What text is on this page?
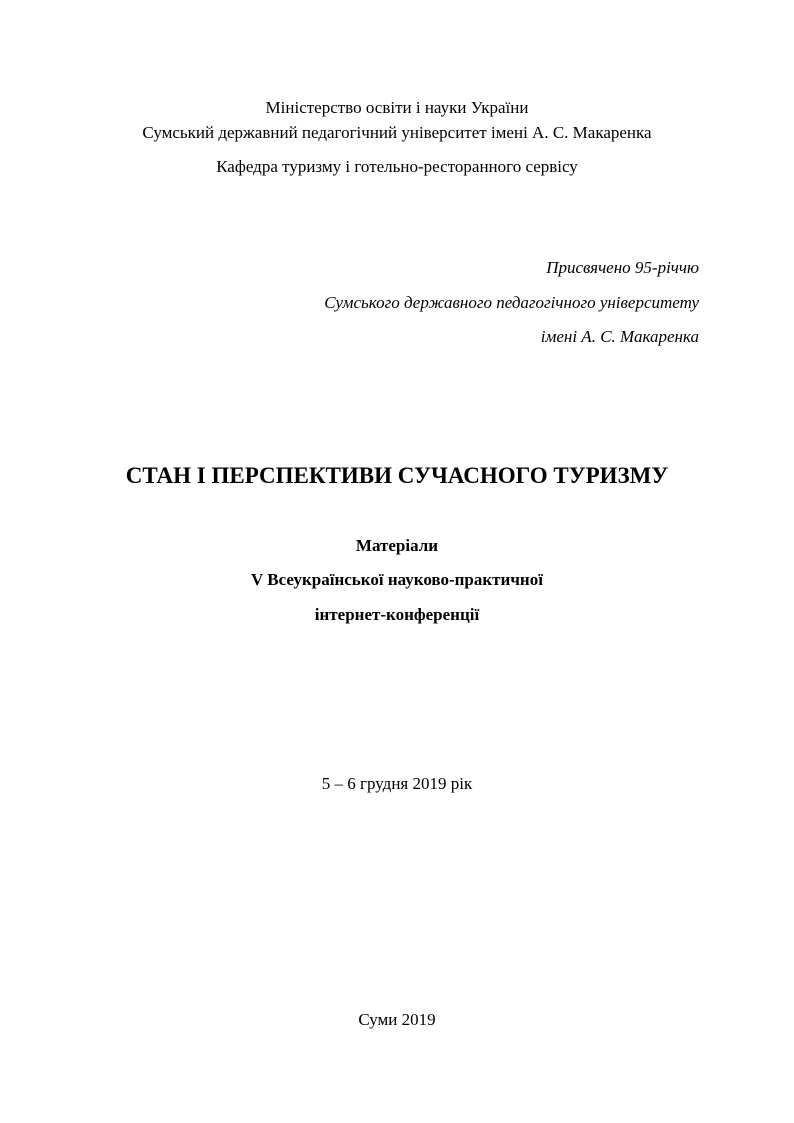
Міністерство освіти і науки України
Сумський державний педагогічний університет імені А. С. Макаренка
Кафедра туризму і готельно-ресторанного сервісу
Присвячено 95-річчю
Сумського державного педагогічного університету
імені А. С. Макаренка
СТАН І ПЕРСПЕКТИВИ СУЧАСНОГО ТУРИЗМУ
Матеріали
V Всеукраїнської науково-практичної
інтернет-конференції
5 – 6 грудня 2019 рік
Суми 2019
